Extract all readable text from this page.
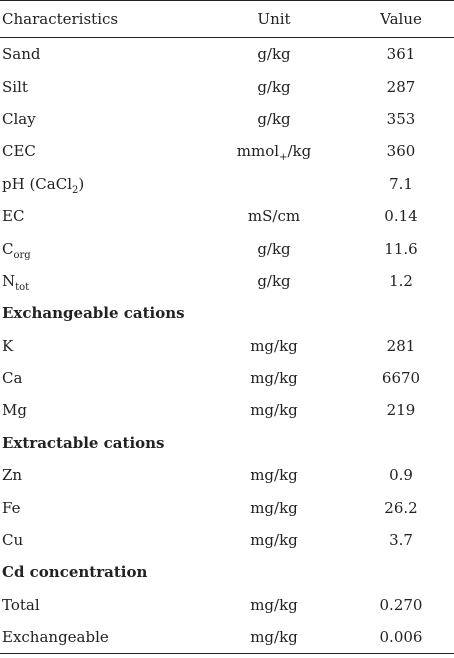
Characteristics	Unit	Value
Sand	g/kg	361
Silt	g/kg	287
Clay	g/kg	353
CEC	mmol$_+$/kg	360
pH (CaCl$_2$)		7.1
EC	mS/cm	0.14
$C_{org}$	g/kg	11.6
$N_{tot}$	g/kg	1.2
Exchangeable cations		
K	mg/kg	281
Ca	mg/kg	6670
Mg	mg/kg	219
Extractable cations		
Zn	mg/kg	0.9
Fe	mg/kg	26.2
Cu	mg/kg	3.7
Cd concentration		
Total	mg/kg	0.270
Exchangeable	mg/kg	0.006
